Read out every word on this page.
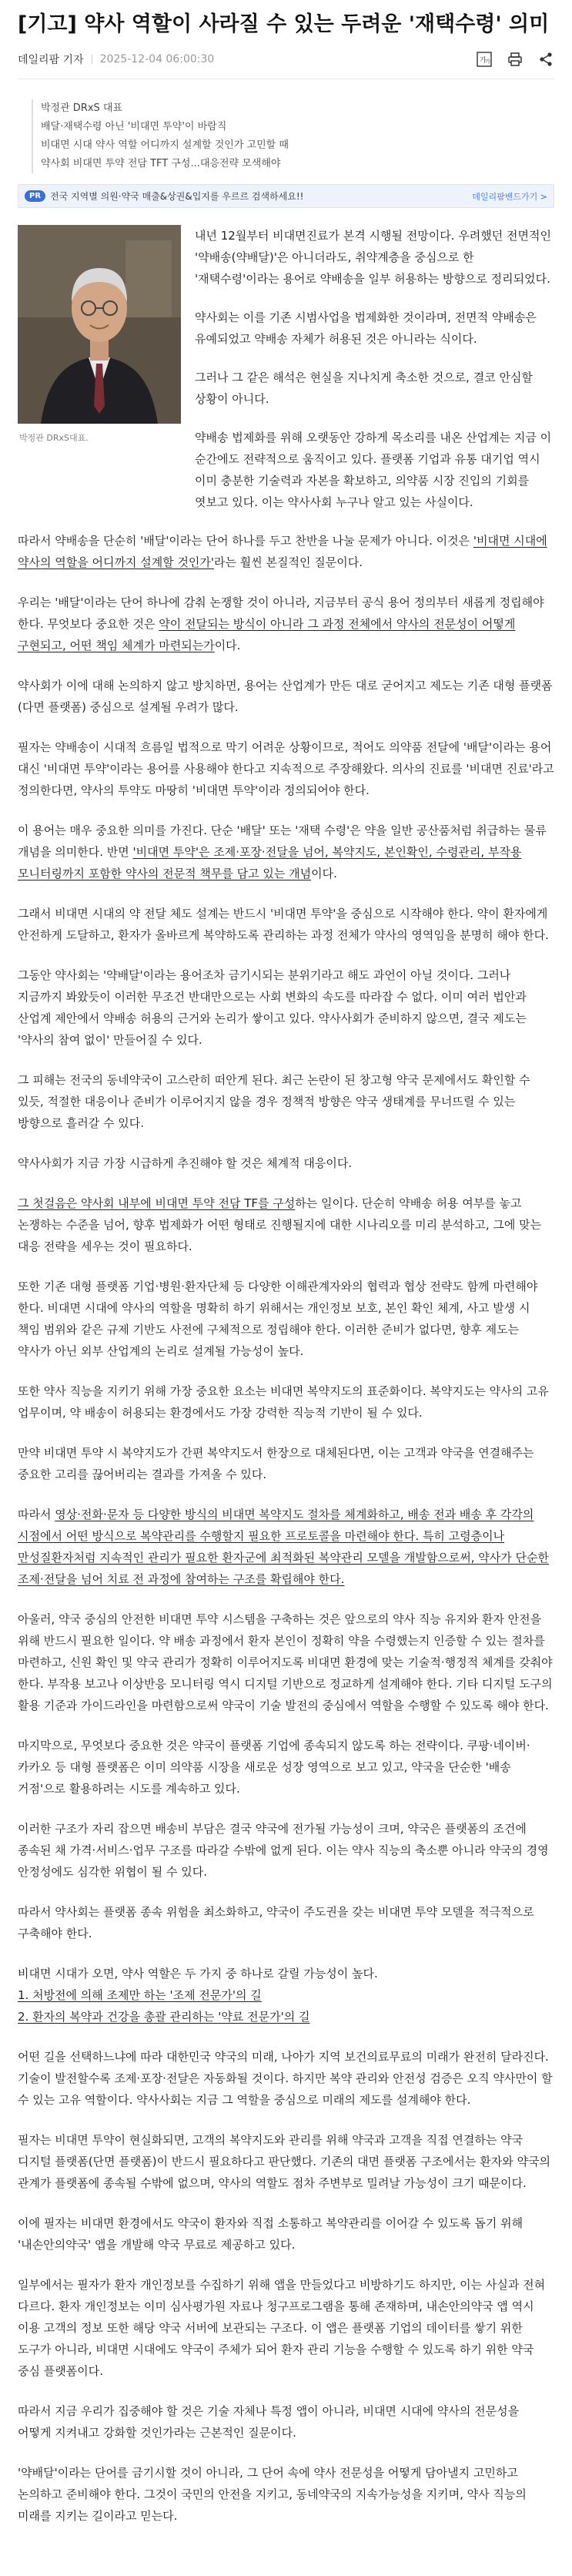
[기고] 약사 역할이 사라질 수 있는 두려운 '재택수령' 의미
데일리팜 기자 2025-12-04 06:00:30	가
가
박정관 DRxS 대표
배달·재택수령 아닌 '비대면 투약'이 바람직
비대면 시대 약사 역할 어디까지 설계할 것인가 고민할 때
약사회 비대면 투약 전담 TFT 구성...대응전략 모색해야
PR	전국 지역별 의원·약국 매출&상권&입지를 우르르 검색하세요!!	데일리팜밴드가기 >
박정관 DRxS대표.

내년 12월부터 비대면진료가 본격 시행될 전망이다. 우려했던 전면적인 '약배송(약배달)'은 아니더라도, 취약계층을 중심으로 한 '재택수령'이라는 용어로 약배송을 일부 허용하는 방향으로 정리되었다.

약사회는 이를 기존 시범사업을 법제화한 것이라며, 전면적 약배송은 유예되었고 약배송 자체가 허용된 것은 아니라는 식이다.

그러나 그 같은 해석은 현실을 지나치게 축소한 것으로, 결코 안심할 상황이 아니다.

약배송 법제화를 위해 오랫동안 강하게 목소리를 내온 산업계는 지금 이 순간에도 전략적으로 움직이고 있다. 플랫폼 기업과 유통 대기업 역시 이미 충분한 기술력과 자본을 확보하고, 의약품 시장 진입의 기회를 엿보고 있다. 이는 약사사회 누구나 알고 있는 사실이다.

따라서 약배송을 단순히 '배달'이라는 단어 하나를 두고 찬반을 나눌 문제가 아니다. 이것은 '비대면 시대에 약사의 역할을 어디까지 설계할 것인가'라는 훨씬 본질적인 질문이다.

우리는 '배달'이라는 단어 하나에 감춰 논쟁할 것이 아니라, 지금부터 공식 용어 정의부터 새롭게 정립해야 한다. 무엇보다 중요한 것은 약이 전달되는 방식이 아니라 그 과정 전체에서 약사의 전문성이 어떻게 구현되고, 어떤 책임 체계가 마련되는가이다.

약사회가 이에 대해 논의하지 않고 방치하면, 용어는 산업계가 만든 대로 굳어지고 제도는 기존 대형 플랫폼(다면 플랫폼) 중심으로 설계될 우려가 많다.

필자는 약배송이 시대적 흐름일 법적으로 막기 어려운 상황이므로, 적어도 의약품 전달에 '배달'이라는 용어 대신 '비대면 투약'이라는 용어를 사용해야 한다고 지속적으로 주장해왔다. 의사의 진료를 '비대면 진료'라고 정의한다면, 약사의 투약도 마땅히 '비대면 투약'이라 정의되어야 한다.

이 용어는 매우 중요한 의미를 가진다. 단순 '배달' 또는 '재택 수령'은 약을 일반 공산품처럼 취급하는 물류 개념을 의미한다. 반면 '비대면 투약'은 조제·포장·전달을 넘어, 복약지도, 본인확인, 수령관리, 부작용 모니터링까지 포함한 약사의 전문적 책무를 담고 있는 개념이다.

그래서 비대면 시대의 약 전달 체도 설계는 반드시 '비대면 투약'을 중심으로 시작해야 한다. 약이 환자에게 안전하게 도달하고, 환자가 올바르게 복약하도록 관리하는 과정 전체가 약사의 영역임을 분명히 해야 한다.

그동안 약사회는 '약배달'이라는 용어조차 금기시되는 분위기라고 해도 과언이 아닐 것이다. 그러나 지금까지 봐왔듯이 이러한 무조건 반대만으로는 사회 변화의 속도를 따라잡 수 없다. 이미 여러 법안과 산업계 제안에서 약배송 허용의 근거와 논리가 쌓이고 있다. 약사사회가 준비하지 않으면, 결국 제도는 '약사의 참여 없이' 만들어질 수 있다.

그 피해는 전국의 동네약국이 고스란히 떠안게 된다. 최근 논란이 된 창고형 약국 문제에서도 확인할 수 있듯, 적절한 대응이나 준비가 이루어지지 않을 경우 정책적 방향은 약국 생태계를 무너뜨릴 수 있는 방향으로 흘러갈 수 있다.

약사사회가 지금 가장 시급하게 추진해야 할 것은 체계적 대응이다.

그 첫걸음은 약사회 내부에 비대면 투약 전담 TF를 구성하는 일이다. 단순히 약배송 허용 여부를 놓고 논쟁하는 수준을 넘어, 향후 법제화가 어떤 형태로 진행될지에 대한 시나리오를 미리 분석하고, 그에 맞는 대응 전략을 세우는 것이 필요하다.

또한 기존 대형 플랫폼 기업·병원·환자단체 등 다양한 이해관계자와의 협력과 협상 전략도 함께 마련해야 한다. 비대면 시대에 약사의 역할을 명확히 하기 위해서는 개인정보 보호, 본인 확인 체계, 사고 발생 시 책임 범위와 같은 규제 기반도 사전에 구체적으로 정립해야 한다. 이러한 준비가 없다면, 향후 제도는 약사가 아닌 외부 산업계의 논리로 설계될 가능성이 높다.

또한 약사 직능을 지키기 위해 가장 중요한 요소는 비대면 복약지도의 표준화이다. 복약지도는 약사의 고유 업무이며, 약 배송이 허용되는 환경에서도 가장 강력한 직능적 기반이 될 수 있다.

만약 비대면 투약 시 복약지도가 간편 복약지도서 한장으로 대체된다면, 이는 고객과 약국을 연결해주는 중요한 고리를 끊어버리는 결과를 가져올 수 있다.

따라서 영상·전화·문자 등 다양한 방식의 비대면 복약지도 절차를 체계화하고, 배송 전과 배송 후 각각의 시점에서 어떤 방식으로 복약관리를 수행할지 필요한 프로토콜을 마련해야 한다. 특히 고령층이나 만성질환자처럼 지속적인 관리가 필요한 환자군에 최적화된 복약관리 모델을 개발함으로써, 약사가 단순한 조제·전달을 넘어 치료 전 과정에 참여하는 구조를 확립해야 한다.

아울러, 약국 중심의 안전한 비대면 투약 시스템을 구축하는 것은 앞으로의 약사 직능 유지와 환자 안전을 위해 반드시 필요한 일이다. 약 배송 과정에서 환자 본인이 정확히 약을 수령했는지 인증할 수 있는 절차를 마련하고, 신원 확인 및 약국 관리가 정확히 이루어지도록 비대면 환경에 맞는 기술적·행정적 체계를 갖춰야 한다. 부작용 보고나 이상반응 모니터링 역시 디지털 기반으로 정교하게 설계해야 한다. 기타 디지털 도구의 활용 기준과 가이드라인을 마련함으로써 약국이 기술 발전의 중심에서 역할을 수행할 수 있도록 해야 한다.

마지막으로, 무엇보다 중요한 것은 약국이 플랫폼 기업에 종속되지 않도록 하는 전략이다. 쿠팡·네이버·카카오 등 대형 플랫폼은 이미 의약품 시장을 새로운 성장 영역으로 보고 있고, 약국을 단순한 '배송 거점'으로 활용하려는 시도를 계속하고 있다.

이러한 구조가 자리 잡으면 배송비 부담은 결국 약국에 전가될 가능성이 크며, 약국은 플랫폼의 조건에 종속된 채 가격·서비스·업무 구조를 따라갈 수밖에 없게 된다. 이는 약사 직능의 축소뿐 아니라 약국의 경영 안정성에도 심각한 위협이 될 수 있다.

따라서 약사회는 플랫폼 종속 위험을 최소화하고, 약국이 주도권을 갖는 비대면 투약 모델을 적극적으로 구축해야 한다.

비대면 시대가 오면, 약사 역할은 두 가지 중 하나로 갈릴 가능성이 높다.

1. 처방전에 의해 조제만 하는 '조제 전문가'의 길
2. 환자의 복약과 건강을 총괄 관리하는 '약료 전문가'의 길

어떤 길을 선택하느냐에 따라 대한민국 약국의 미래, 나아가 지역 보건의료무료의 미래가 완전히 달라진다. 기술이 발전할수록 조제·포장·전달은 자동화될 것이다. 하지만 복약 관리와 안전성 검증은 오직 약사만이 할 수 있는 고유 역할이다. 약사사회는 지금 그 역할을 중심으로 미래의 제도를 설계해야 한다.

필자는 비대면 투약이 현실화되면, 고객의 복약지도와 관리를 위해 약국과 고객을 직접 연결하는 약국 디지털 플랫폼(단면 플랫폼)이 반드시 필요하다고 판단했다. 기존의 대면 플랫폼 구조에서는 환자와 약국의 관계가 플랫폼에 종속될 수밖에 없으며, 약사의 역할도 점차 주변부로 밀려날 가능성이 크기 때문이다.

이에 필자는 비대면 환경에서도 약국이 환자와 직접 소통하고 복약관리를 이어갈 수 있도록 돕기 위해 '내손안의약국' 앱을 개발해 약국 무료로 제공하고 있다.

일부에서는 필자가 환자 개인정보를 수집하기 위해 앱을 만들었다고 비방하기도 하지만, 이는 사실과 전혀 다르다. 환자 개인정보는 이미 심사평가원 자료나 청구프로그램을 통해 존재하며, 내손안의약국 앱 역시 이용 고객의 정보 또한 해당 약국 서버에 보관되는 구조다. 이 앱은 플랫폼 기업의 데이터를 쌓기 위한 도구가 아니라, 비대면 시대에도 약국이 주체가 되어 환자 관리 기능을 수행할 수 있도록 하기 위한 약국 중심 플랫폼이다.

따라서 지금 우리가 집중해야 할 것은 기술 자체나 특정 앱이 아니라, 비대면 시대에 약사의 전문성을 어떻게 지켜내고 강화할 것인가라는 근본적인 질문이다.

'약배달'이라는 단어를 금기시할 것이 아니라, 그 단어 속에 약사 전문성을 어떻게 담아낼지 고민하고 논의하고 준비해야 한다. 그것이 국민의 안전을 지키고, 동네약국의 지속가능성을 지키며, 약사 직능의 미래를 지키는 길이라고 믿는다.
